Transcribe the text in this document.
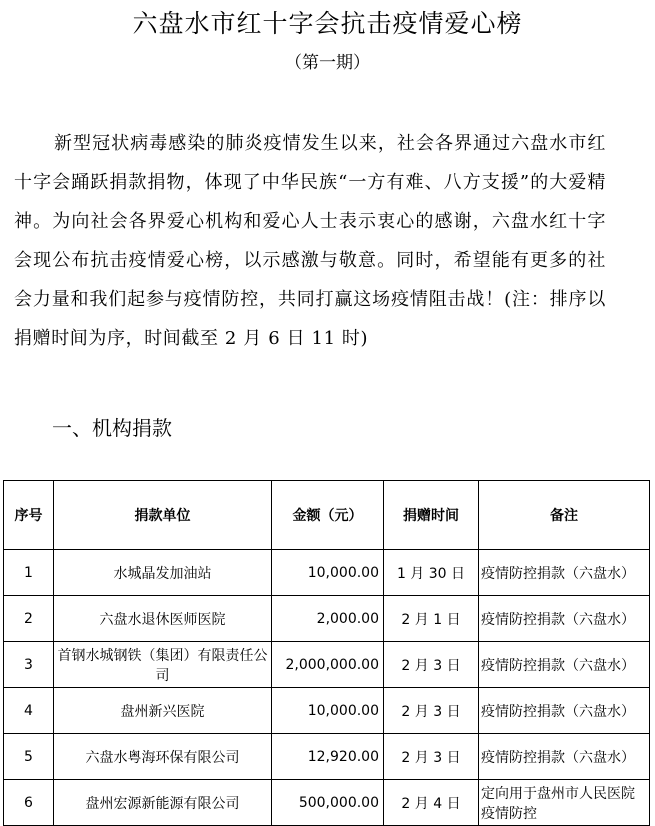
六盘水市红十字会抗击疫情爱心榜
（第一期）

新型冠状病毒感染的肺炎疫情发生以来，社会各界通过六盘水市红十字会踊跃捐款捐物，体现了中华民族“一方有难、八方支援”的大爱精神。为向社会各界爱心机构和爱心人士表示衷心的感谢，六盘水红十字会现公布抗击疫情爱心榜，以示感激与敬意。同时，希望能有更多的社会力量和我们起参与疫情防控，共同打赢这场疫情阻击战！(注：排序以捐赠时间为序，时间截至 2 月 6 日 11 时)

一、机构捐款
序号	捐款单位	金额（元）	捐赠时间	备注
1	水城晶发加油站	10,000.00	1 月 30 日	疫情防控捐款（六盘水）
2	六盘水退休医师医院	2,000.00	2 月 1 日	疫情防控捐款（六盘水）
3	首钢水城钢铁（集团）有限责任公司	2,000,000.00	2 月 3 日	疫情防控捐款（六盘水）
4	盘州新兴医院	10,000.00	2 月 3 日	疫情防控捐款（六盘水）
5	六盘水粤海环保有限公司	12,920.00	2 月 3 日	疫情防控捐款（六盘水）
6	盘州宏源新能源有限公司	500,000.00	2 月 4 日	定向用于盘州市人民医院疫情防控
